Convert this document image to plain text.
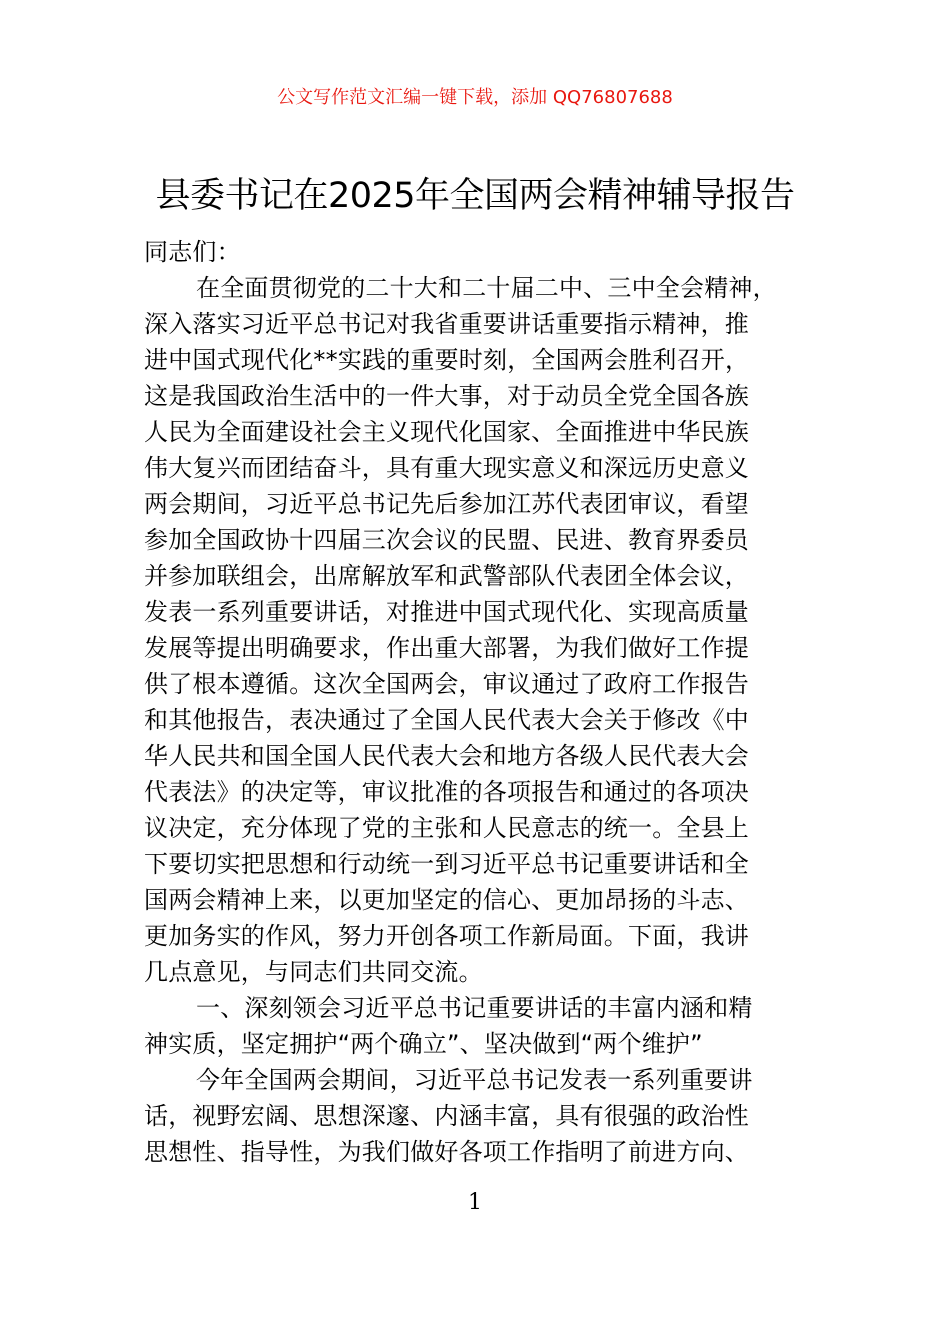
公文写作范文汇编一键下载，添加 QQ76807688
县委书记在2025年全国两会精神辅导报告
同志们：
在全面贯彻党的二十大和二十届二中、三中全会精神，
深入落实习近平总书记对我省重要讲话重要指示精神，推
进中国式现代化**实践的重要时刻，全国两会胜利召开，
这是我国政治生活中的一件大事，对于动员全党全国各族
人民为全面建设社会主义现代化国家、全面推进中华民族
伟大复兴而团结奋斗，具有重大现实意义和深远历史意义
两会期间，习近平总书记先后参加江苏代表团审议，看望
参加全国政协十四届三次会议的民盟、民进、教育界委员
并参加联组会，出席解放军和武警部队代表团全体会议，
发表一系列重要讲话，对推进中国式现代化、实现高质量
发展等提出明确要求，作出重大部署，为我们做好工作提
供了根本遵循。这次全国两会，审议通过了政府工作报告
和其他报告，表决通过了全国人民代表大会关于修改《中
华人民共和国全国人民代表大会和地方各级人民代表大会
代表法》的决定等，审议批准的各项报告和通过的各项决
议决定，充分体现了党的主张和人民意志的统一。全县上
下要切实把思想和行动统一到习近平总书记重要讲话和全
国两会精神上来，以更加坚定的信心、更加昂扬的斗志、
更加务实的作风，努力开创各项工作新局面。下面，我讲
几点意见，与同志们共同交流。
一、深刻领会习近平总书记重要讲话的丰富内涵和精
神实质，坚定拥护“两个确立”、坚决做到“两个维护”
今年全国两会期间，习近平总书记发表一系列重要讲
话，视野宏阔、思想深邃、内涵丰富，具有很强的政治性
思想性、指导性，为我们做好各项工作指明了前进方向、
1
